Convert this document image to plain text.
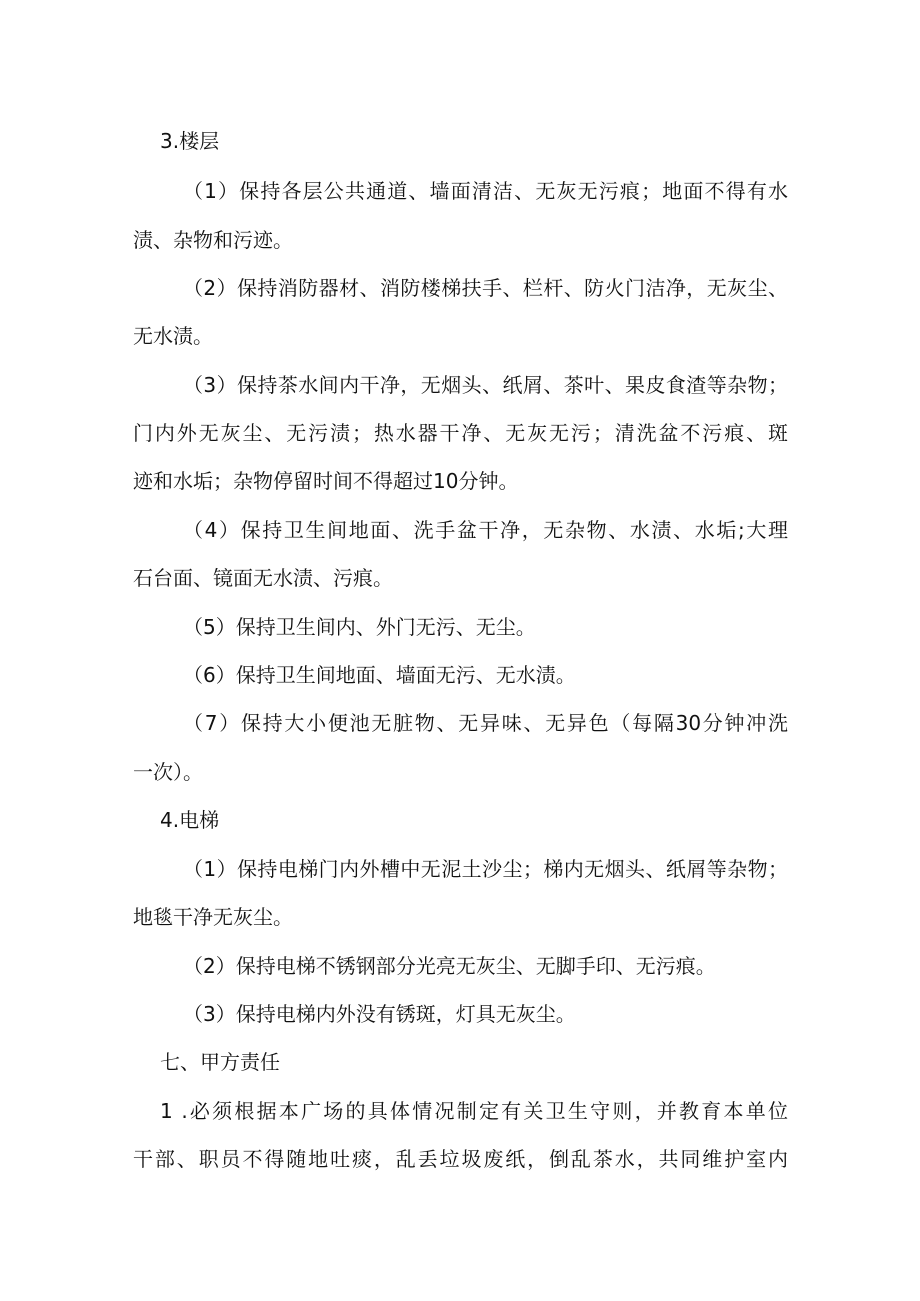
3.楼层
（1）保持各层公共通道、墙面清洁、无灰无污痕；地面不得有水
渍、杂物和污迹。
（2）保持消防器材、消防楼梯扶手、栏杆、防火门洁净，无灰尘、
无水渍。
（3）保持茶水间内干净，无烟头、纸屑、茶叶、果皮食渣等杂物；
门内外无灰尘、无污渍；热水器干净、无灰无污；清洗盆不污痕、斑
迹和水垢；杂物停留时间不得超过10分钟。
（4）保持卫生间地面、洗手盆干净，无杂物、水渍、水垢;大理
石台面、镜面无水渍、污痕。
（5）保持卫生间内、外门无污、无尘。
（6）保持卫生间地面、墙面无污、无水渍。
（7）保持大小便池无脏物、无异味、无异色（每隔30分钟冲洗
一次）。
4.电梯
（1）保持电梯门内外槽中无泥土沙尘；梯内无烟头、纸屑等杂物；
地毯干净无灰尘。
（2）保持电梯不锈钢部分光亮无灰尘、无脚手印、无污痕。
（3）保持电梯内外没有锈斑，灯具无灰尘。
七、甲方责任
1 .必须根据本广场的具体情况制定有关卫生守则，并教育本单位
干部、职员不得随地吐痰，乱丢垃圾废纸，倒乱茶水，共同维护室内
